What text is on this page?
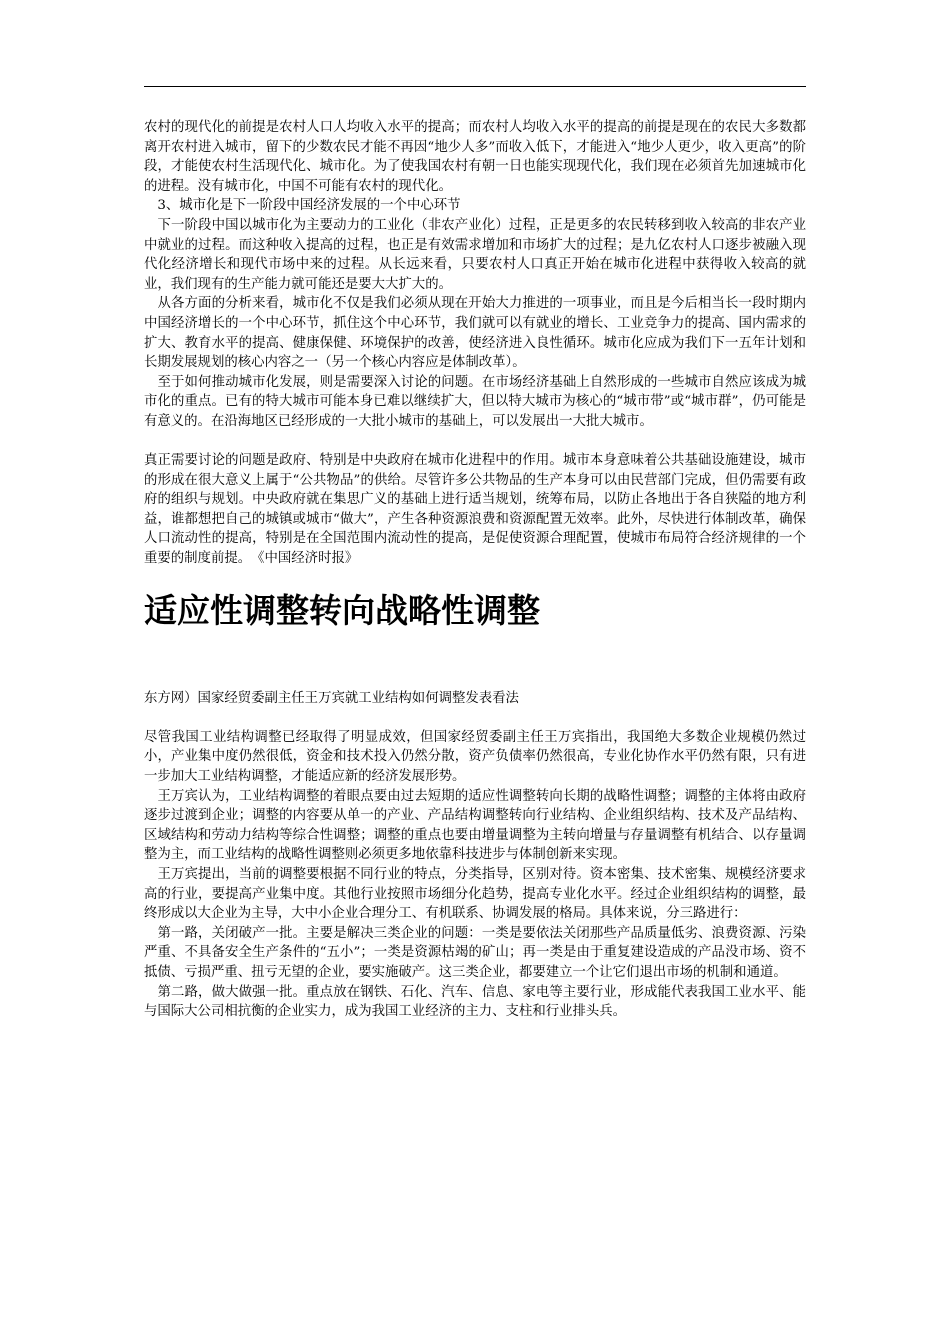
农村的现代化的前提是农村人口人均收入水平的提高；而农村人均收入水平的提高的前提是现在的农民大多数都离开农村进入城市，留下的少数农民才能不再因“地少人多”而收入低下，才能进入“地少人更少，收入更高”的阶段，才能使农村生活现代化、城市化。为了使我国农村有朝一日也能实现现代化，我们现在必须首先加速城市化的进程。没有城市化，中国不可能有农村的现代化。

　3、城市化是下一阶段中国经济发展的一个中心环节

　下一阶段中国以城市化为主要动力的工业化（非农产业化）过程，正是更多的农民转移到收入较高的非农产业中就业的过程。而这种收入提高的过程，也正是有效需求增加和市场扩大的过程；是九亿农村人口逐步被融入现代化经济增长和现代市场中来的过程。从长远来看，只要农村人口真正开始在城市化进程中获得收入较高的就业，我们现有的生产能力就可能还是要大大扩大的。

　从各方面的分析来看，城市化不仅是我们必须从现在开始大力推进的一项事业，而且是今后相当长一段时期内中国经济增长的一个中心环节，抓住这个中心环节，我们就可以有就业的增长、工业竞争力的提高、国内需求的扩大、教育水平的提高、健康保健、环境保护的改善，使经济进入良性循环。城市化应成为我们下一五年计划和长期发展规划的核心内容之一（另一个核心内容应是体制改革）。

　至于如何推动城市化发展，则是需要深入讨论的问题。在市场经济基础上自然形成的一些城市自然应该成为城市化的重点。已有的特大城市可能本身已难以继续扩大，但以特大城市为核心的“城市带”或“城市群”，仍可能是有意义的。在沿海地区已经形成的一大批小城市的基础上，可以发展出一大批大城市。

真正需要讨论的问题是政府、特别是中央政府在城市化进程中的作用。城市本身意味着公共基础设施建设，城市的形成在很大意义上属于“公共物品”的供给。尽管许多公共物品的生产本身可以由民营部门完成，但仍需要有政府的组织与规划。中央政府就在集思广义的基础上进行适当规划，统筹布局，以防止各地出于各自狭隘的地方利益，谁都想把自己的城镇或城市“做大”，产生各种资源浪费和资源配置无效率。此外，尽快进行体制改革，确保人口流动性的提高，特别是在全国范围内流动性的提高，是促使资源合理配置，使城市布局符合经济规律的一个重要的制度前提。　《中国经济时报》

适应性调整转向战略性调整

东方网）国家经贸委副主任王万宾就工业结构如何调整发表看法

尽管我国工业结构调整已经取得了明显成效，但国家经贸委副主任王万宾指出，我国绝大多数企业规模仍然过小，产业集中度仍然很低，资金和技术投入仍然分散，资产负债率仍然很高，专业化协作水平仍然有限，只有进一步加大工业结构调整，才能适应新的经济发展形势。

　王万宾认为，工业结构调整的着眼点要由过去短期的适应性调整转向长期的战略性调整；调整的主体将由政府逐步过渡到企业；调整的内容要从单一的产业、产品结构调整转向行业结构、企业组织结构、技术及产品结构、区域结构和劳动力结构等综合性调整；调整的重点也要由增量调整为主转向增量与存量调整有机结合、以存量调整为主，而工业结构的战略性调整则必须更多地依靠科技进步与体制创新来实现。

　王万宾提出，当前的调整要根据不同行业的特点，分类指导，区别对待。资本密集、技术密集、规模经济要求高的行业，要提高产业集中度。其他行业按照市场细分化趋势，提高专业化水平。经过企业组织结构的调整，最终形成以大企业为主导，大中小企业合理分工、有机联系、协调发展的格局。具体来说，分三路进行：

　第一路，关闭破产一批。主要是解决三类企业的问题：一类是要依法关闭那些产品质量低劣、浪费资源、污染严重、不具备安全生产条件的“五小”；一类是资源枯竭的矿山；再一类是由于重复建设造成的产品没市场、资不抵债、亏损严重、扭亏无望的企业，要实施破产。这三类企业，都要建立一个让它们退出市场的机制和通道。

　第二路，做大做强一批。重点放在钢铁、石化、汽车、信息、家电等主要行业，形成能代表我国工业水平、能与国际大公司相抗衡的企业实力，成为我国工业经济的主力、支柱和行业排头兵。
